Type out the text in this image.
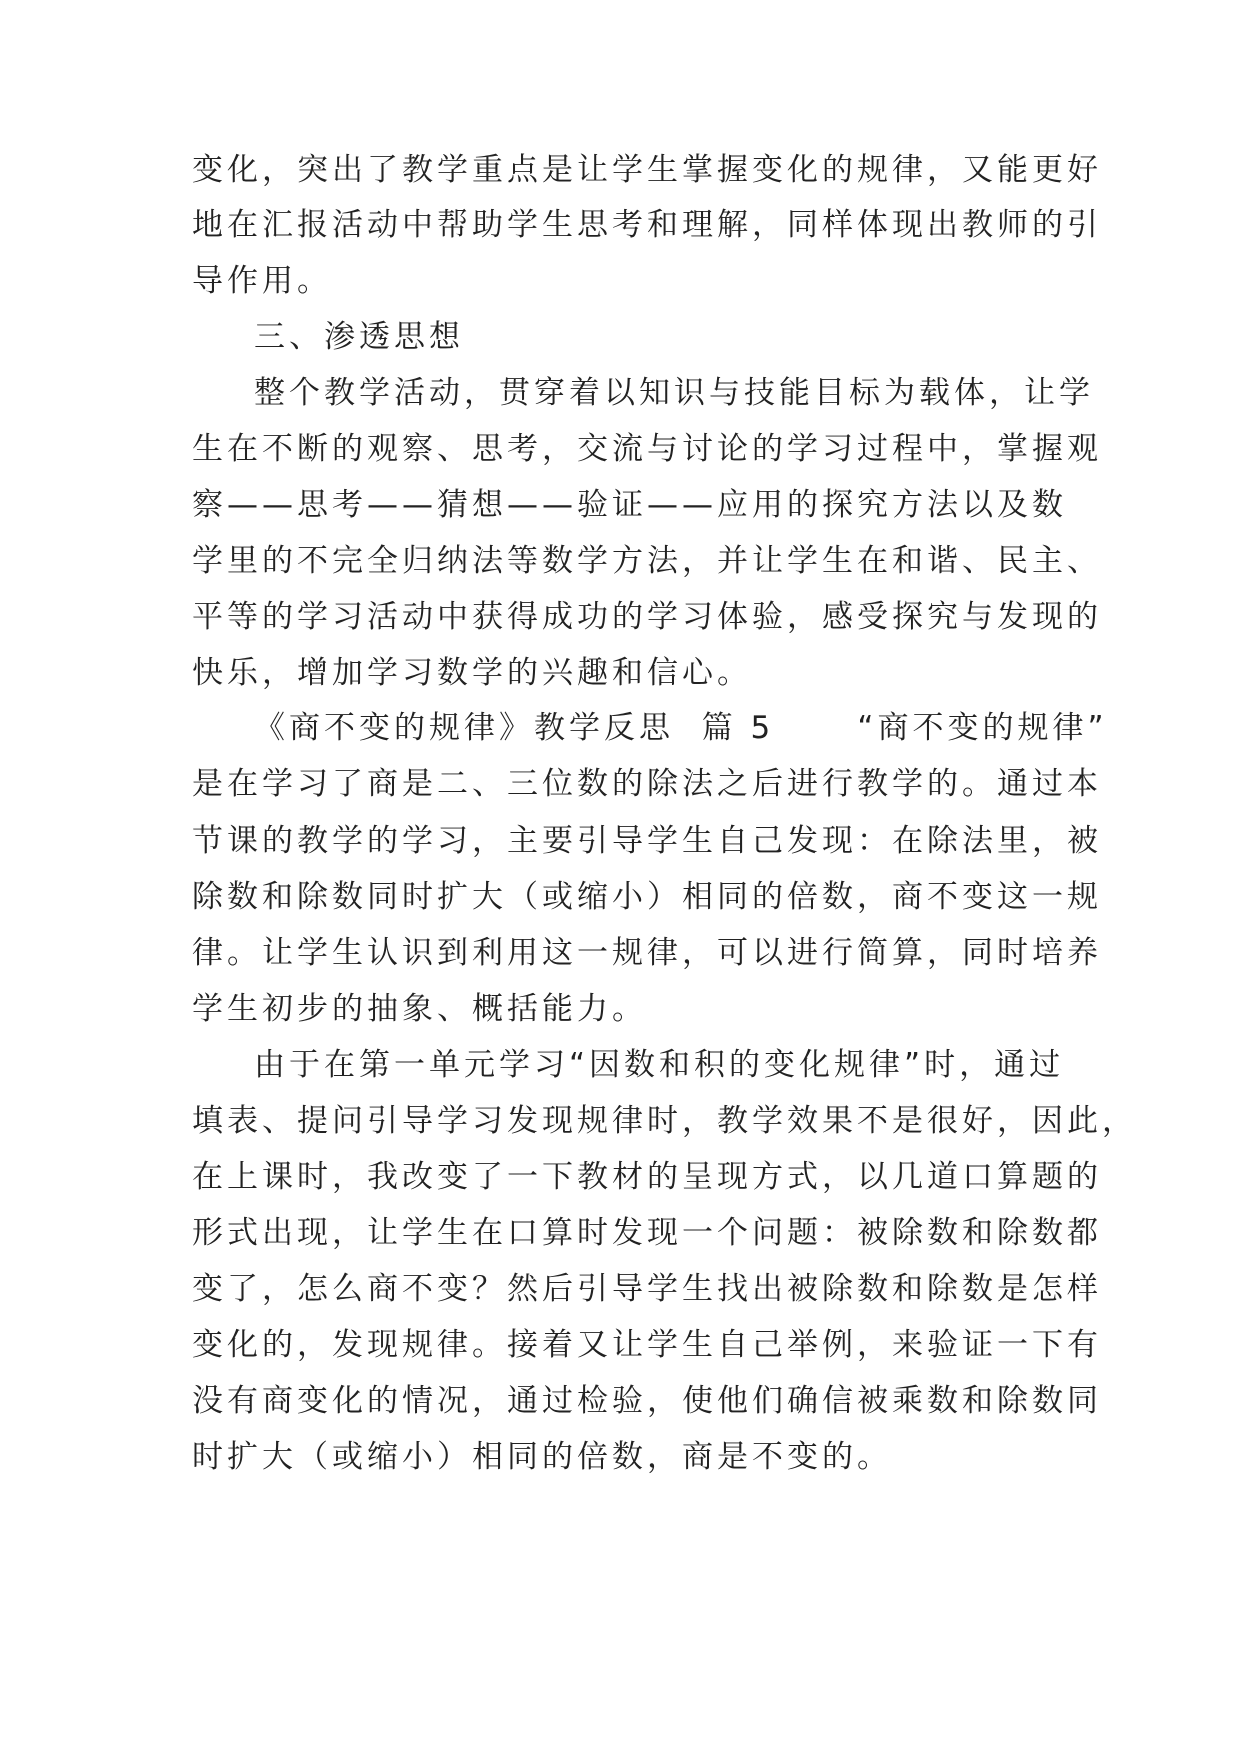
变化，突出了教学重点是让学生掌握变化的规律，又能更好
地在汇报活动中帮助学生思考和理解，同样体现出教师的引
导作用。
三、渗透思想
整个教学活动，贯穿着以知识与技能目标为载体，让学
生在不断的观察、思考，交流与讨论的学习过程中，掌握观
察——思考——猜想——验证——应用的探究方法以及数
学里的不完全归纳法等数学方法，并让学生在和谐、民主、
平等的学习活动中获得成功的学习体验，感受探究与发现的
快乐，增加学习数学的兴趣和信心。
《商不变的规律》教学反思  篇 5      “商不变的规律”
是在学习了商是二、三位数的除法之后进行教学的。通过本
节课的教学的学习，主要引导学生自己发现：在除法里，被
除数和除数同时扩大（或缩小）相同的倍数，商不变这一规
律。让学生认识到利用这一规律，可以进行简算，同时培养
学生初步的抽象、概括能力。
由于在第一单元学习“因数和积的变化规律”时，通过
填表、提问引导学习发现规律时，教学效果不是很好，因此，
在上课时，我改变了一下教材的呈现方式，以几道口算题的
形式出现，让学生在口算时发现一个问题：被除数和除数都
变了，怎么商不变？然后引导学生找出被除数和除数是怎样
变化的，发现规律。接着又让学生自己举例，来验证一下有
没有商变化的情况，通过检验，使他们确信被乘数和除数同
时扩大（或缩小）相同的倍数，商是不变的。
